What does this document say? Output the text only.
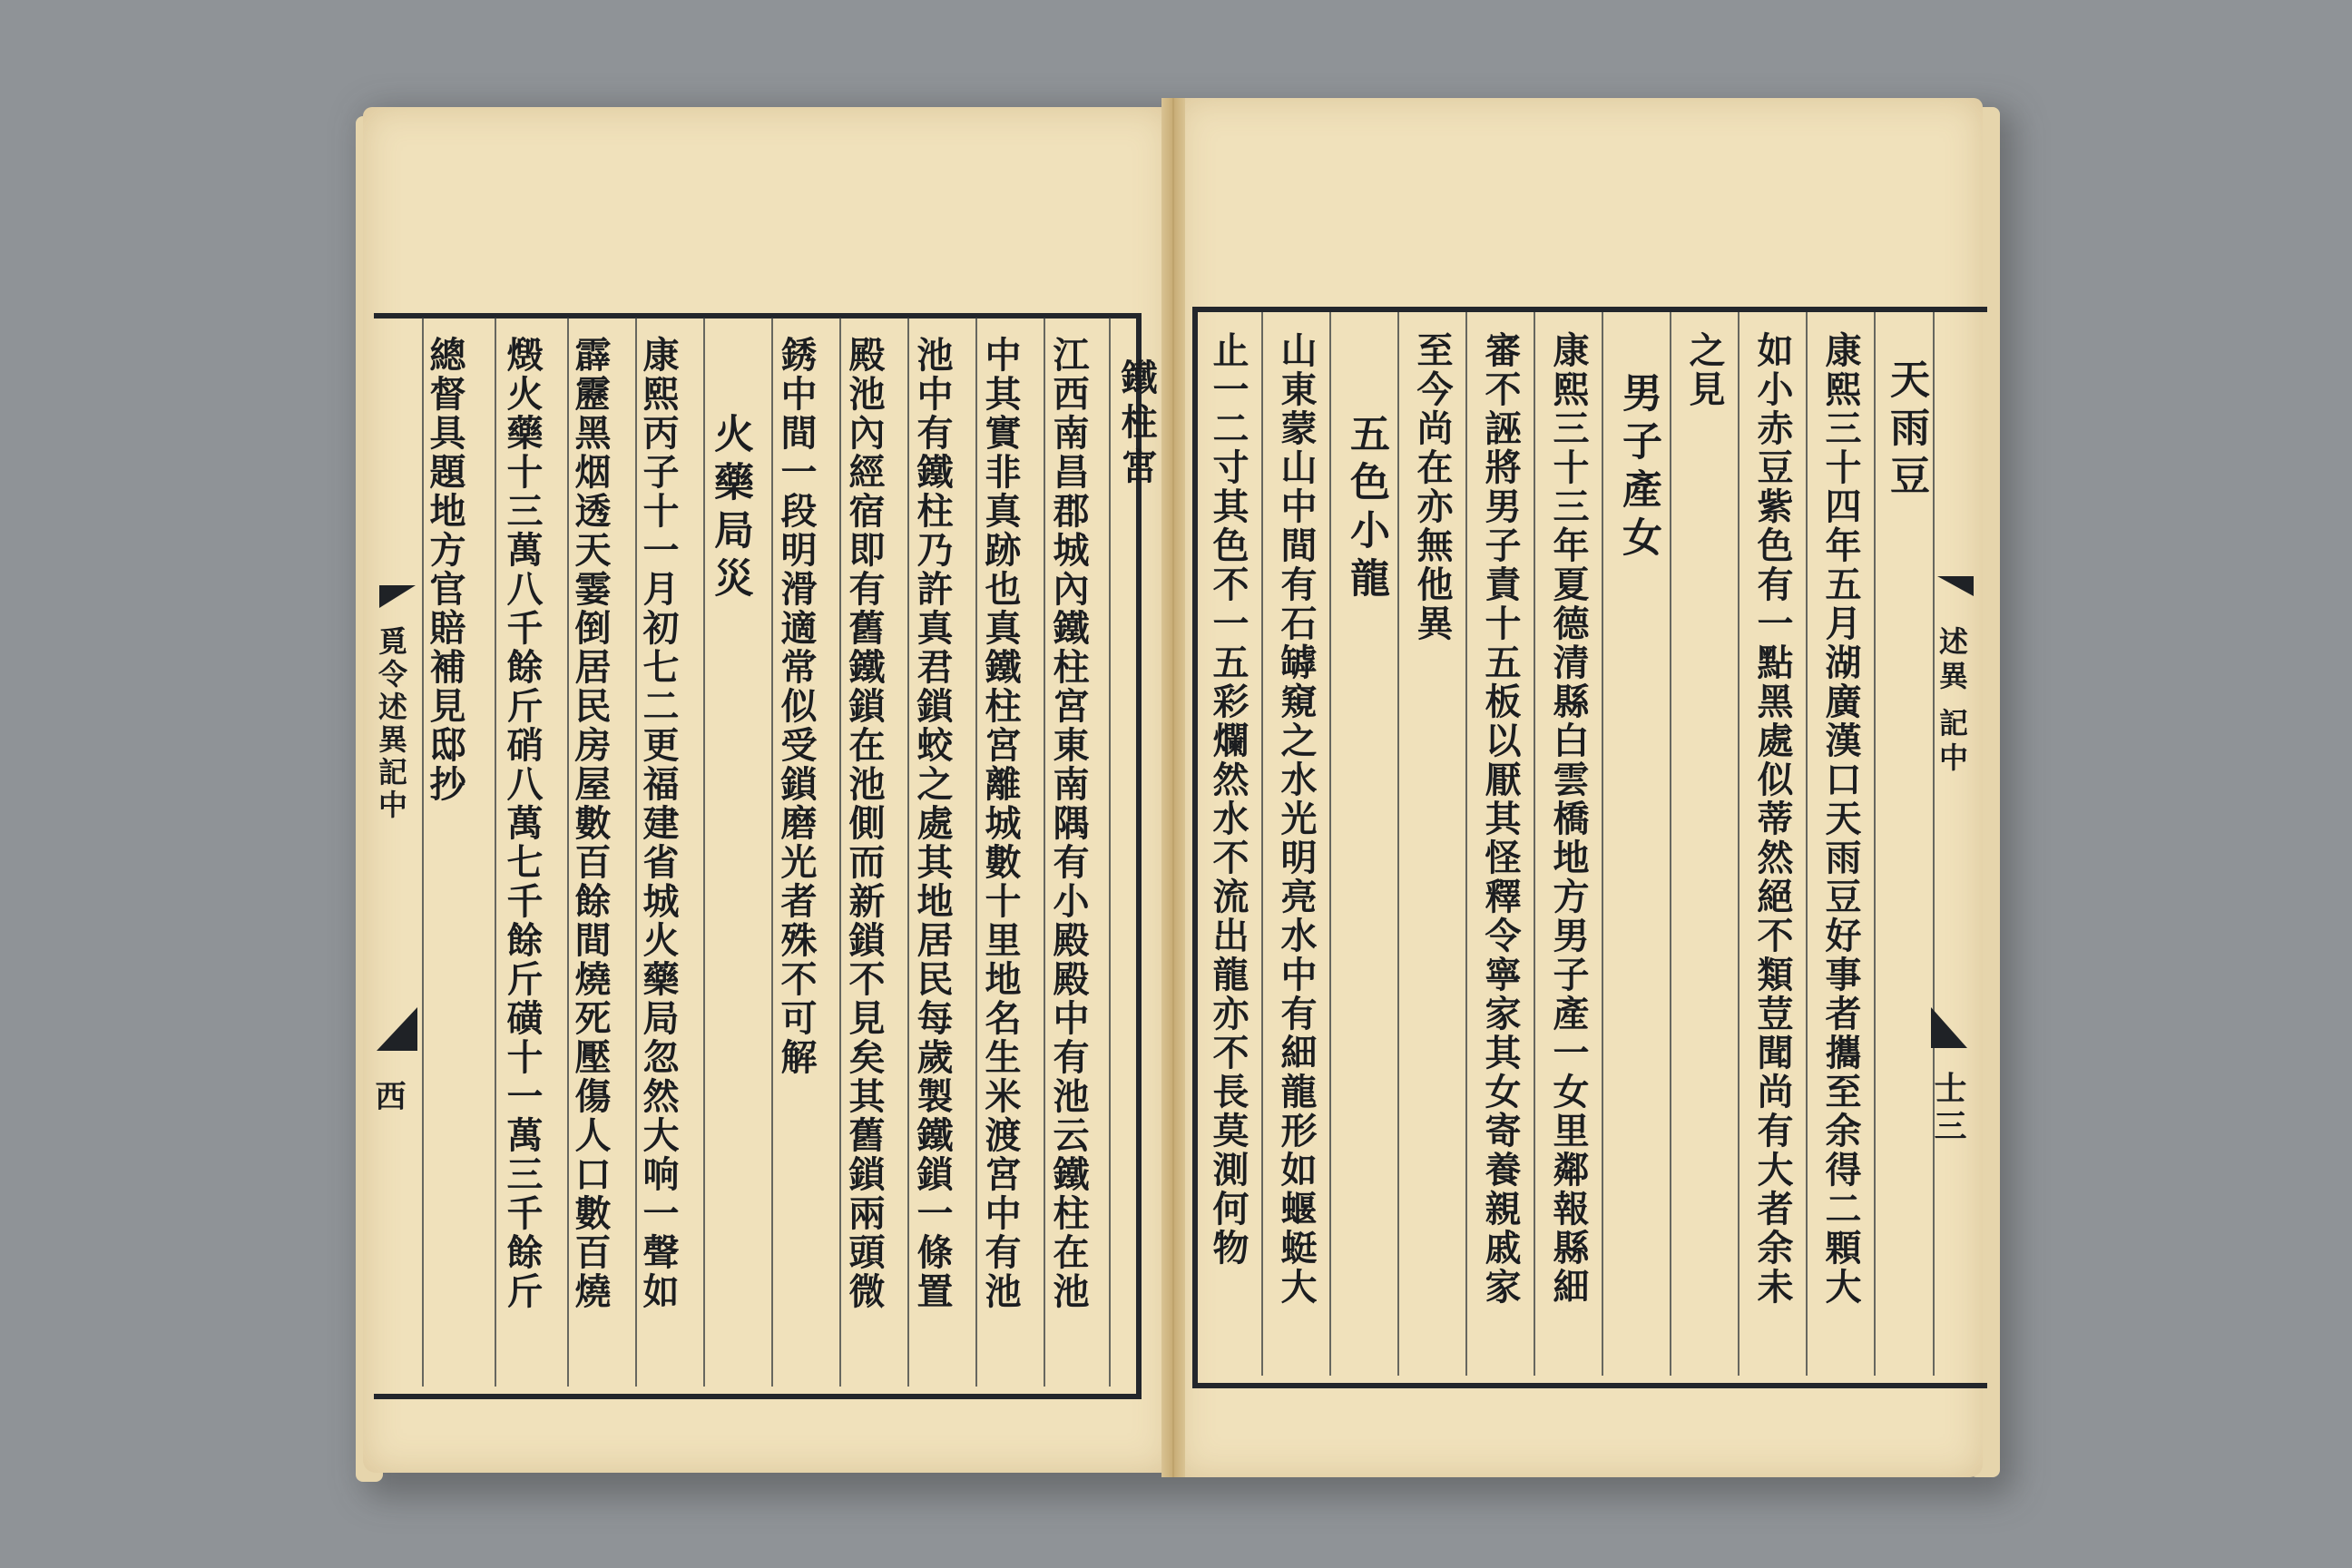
鐵柱宮
江西南昌郡城內鐵柱宮東南隅有小殿殿中有池云鐵柱在池
中其實非真跡也真鐵柱宮離城數十里地名生米渡宮中有池
池中有鐵柱乃許真君鎖蛟之處其地居民每歲製鐵鎖一條置
殿池內經宿即有舊鐵鎖在池側而新鎖不見矣其舊鎖兩頭微
銹中間一段明滑適常似受鎖磨光者殊不可解
火藥局災
康熙丙子十一月初七二更福建省城火藥局忽然大响一聲如
霹靂黑烟透天霎倒居民房屋數百餘間燒死壓傷人口數百燒
燬火藥十三萬八千餘斤硝八萬七千餘斤磺十一萬三千餘斤
總督具題地方官賠補見邸抄
覓令述異記中
西
天雨豆
康熙三十四年五月湖廣漢口天雨豆好事者攜至余得二顆大
如小赤豆紫色有一點黑處似蒂然絕不類荳聞尚有大者余未
之見
男子產女
康熙三十三年夏德清縣白雲橋地方男子產一女里鄰報縣細
審不誣將男子責十五板以厭其怪釋令寧家其女寄養親戚家
至今尚在亦無他異
五色小龍
山東蒙山中間有石罅窺之水光明亮水中有細龍形如蝘蜓大
止一二寸其色不一五彩爛然水不流出龍亦不長莫測何物	述異
記中
士三
